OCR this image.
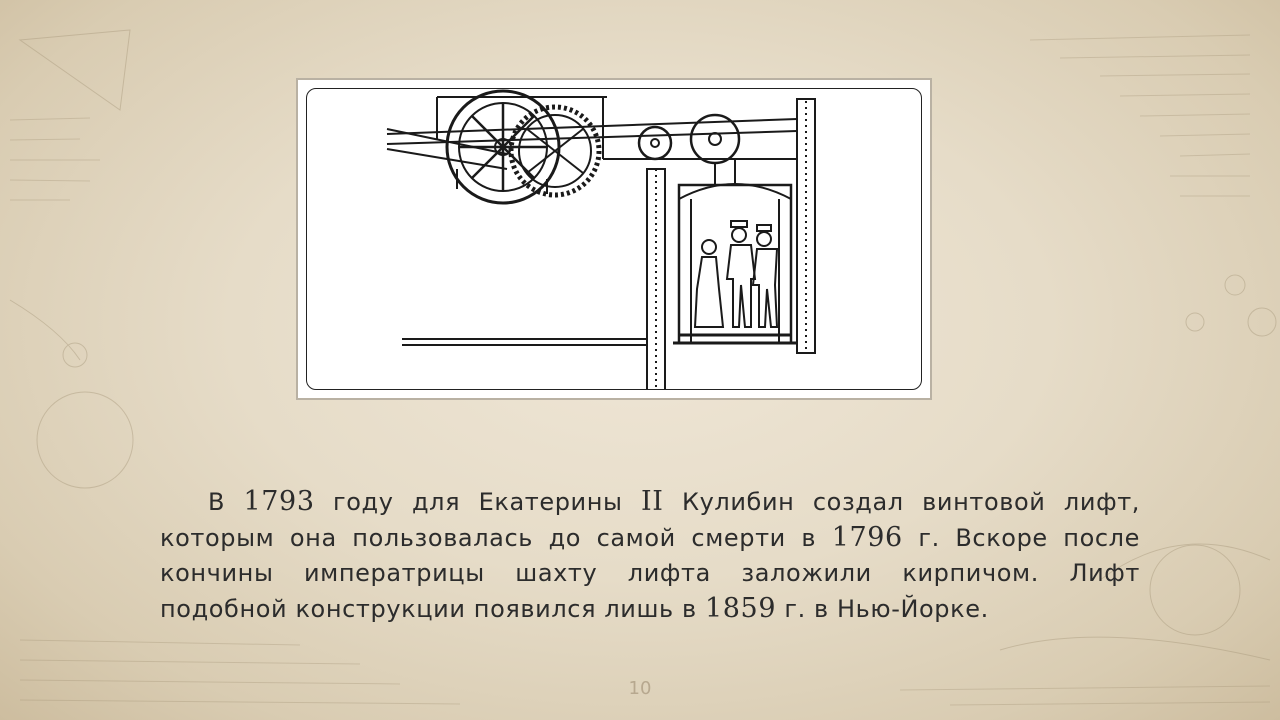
В 1793 году для Екатерины II Кулибин создал винтовой лифт, которым она пользовалась до самой смерти в 1796 г. Вскоре после кончины императрицы шахту лифта заложили кирпичом. Лифт подобной конструкции появился лишь в 1859 г. в Нью-Йорке.

10
